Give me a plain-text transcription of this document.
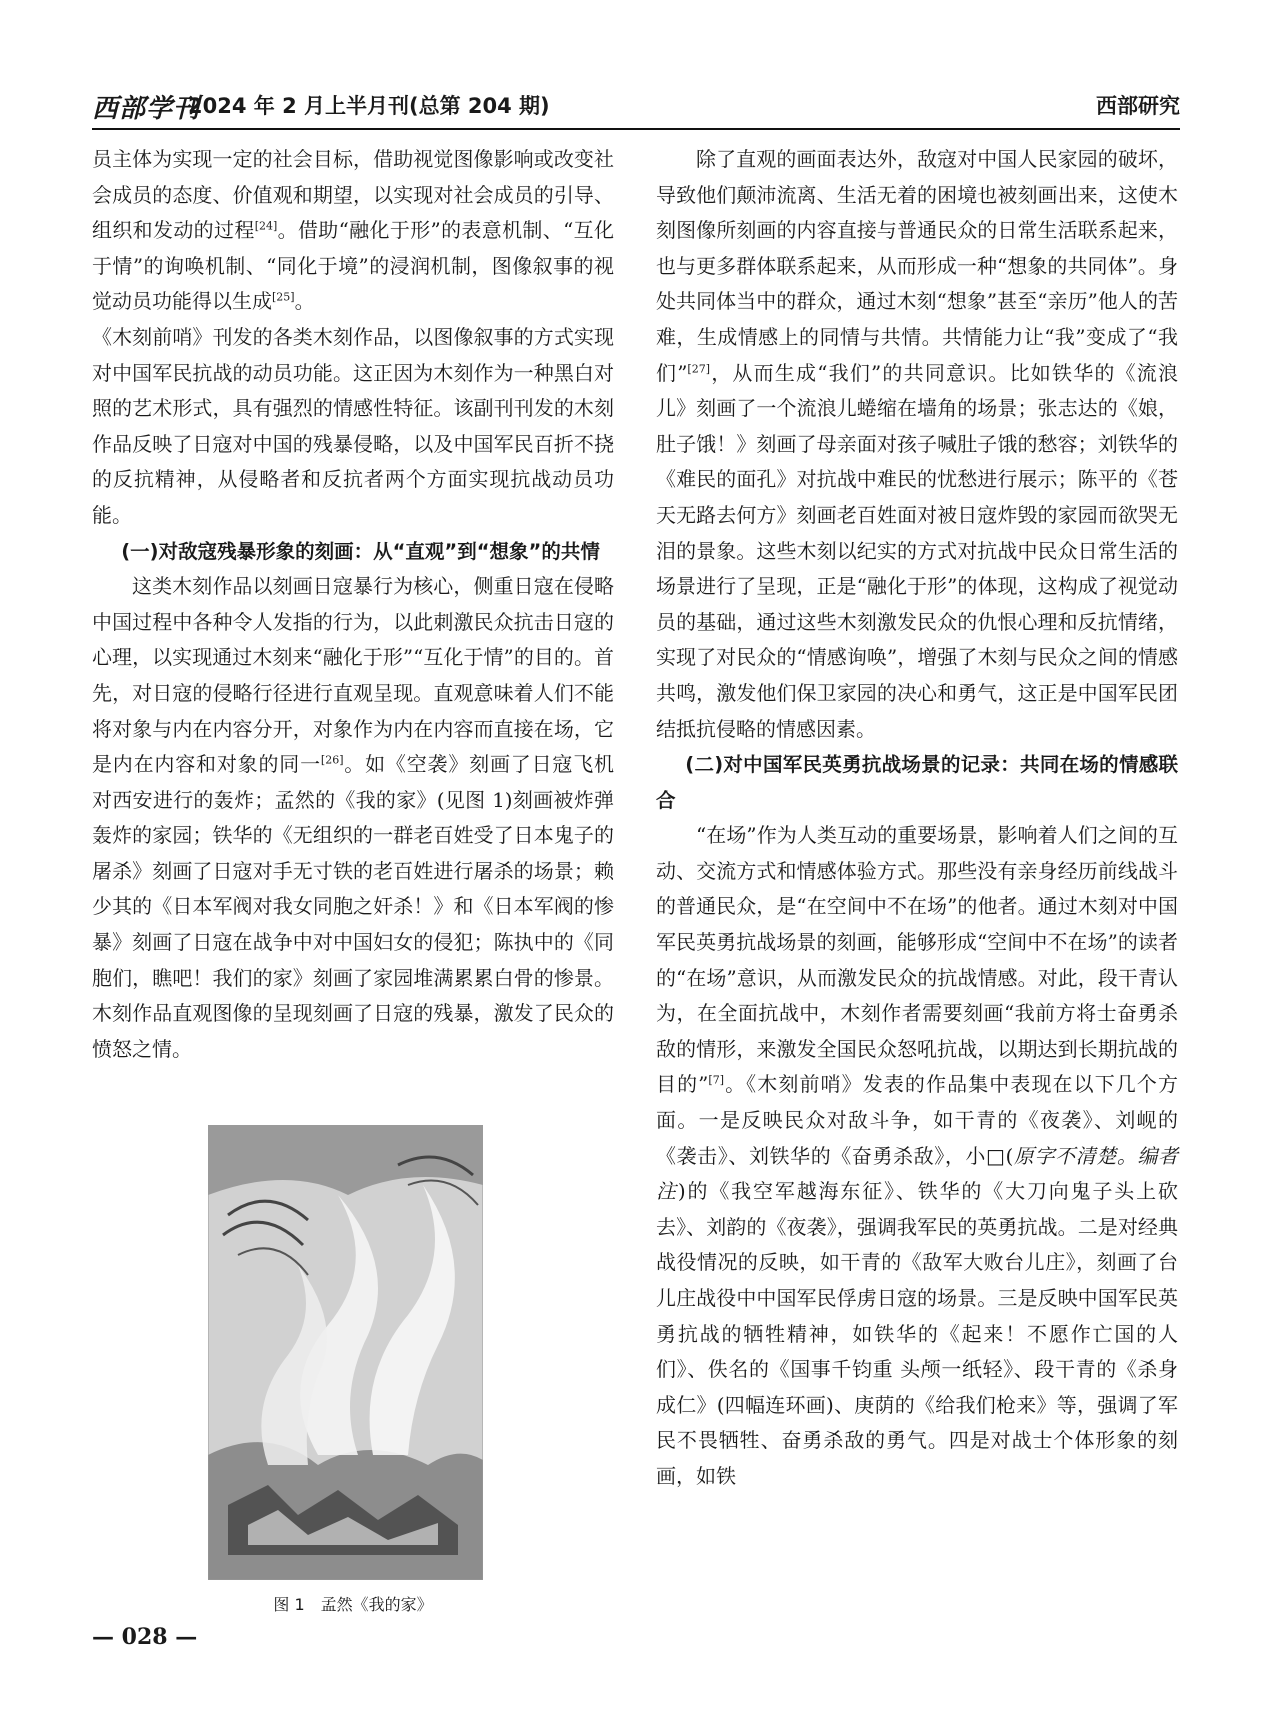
西部学刊
2024 年 2 月上半月刊(总第 204 期)	西部研究

员主体为实现一定的社会目标，借助视觉图像影响或改变社会成员的态度、价值观和期望，以实现对社会成员的引导、组织和发动的过程[24]。借助“融化于形”的表意机制、“互化于情”的询唤机制、“同化于境”的浸润机制，图像叙事的视觉动员功能得以生成[25]。

《木刻前哨》刊发的各类木刻作品，以图像叙事的方式实现对中国军民抗战的动员功能。这正因为木刻作为一种黑白对照的艺术形式，具有强烈的情感性特征。该副刊刊发的木刻作品反映了日寇对中国的残暴侵略，以及中国军民百折不挠的反抗精神，从侵略者和反抗者两个方面实现抗战动员功能。

(一)对敌寇残暴形象的刻画：从“直观”到“想象”的共情

这类木刻作品以刻画日寇暴行为核心，侧重日寇在侵略中国过程中各种令人发指的行为，以此刺激民众抗击日寇的心理，以实现通过木刻来“融化于形”“互化于情”的目的。首先，对日寇的侵略行径进行直观呈现。直观意味着人们不能将对象与内在内容分开，对象作为内在内容而直接在场，它是内在内容和对象的同一[26]。如《空袭》刻画了日寇飞机对西安进行的轰炸；孟然的《我的家》(见图 1)刻画被炸弹轰炸的家园；铁华的《无组织的一群老百姓受了日本鬼子的屠杀》刻画了日寇对手无寸铁的老百姓进行屠杀的场景；赖少其的《日本军阀对我女同胞之奸杀！》和《日本军阀的惨暴》刻画了日寇在战争中对中国妇女的侵犯；陈执中的《同胞们，瞧吧！我们的家》刻画了家园堆满累累白骨的惨景。木刻作品直观图像的呈现刻画了日寇的残暴，激发了民众的愤怒之情。

图 1　孟然《我的家》

除了直观的画面表达外，敌寇对中国人民家园的破坏，导致他们颠沛流离、生活无着的困境也被刻画出来，这使木刻图像所刻画的内容直接与普通民众的日常生活联系起来，也与更多群体联系起来，从而形成一种“想象的共同体”。身处共同体当中的群众，通过木刻“想象”甚至“亲历”他人的苦难，生成情感上的同情与共情。共情能力让“我”变成了“我们”[27]，从而生成“我们”的共同意识。比如铁华的《流浪儿》刻画了一个流浪儿蜷缩在墙角的场景；张志达的《娘，肚子饿！》刻画了母亲面对孩子喊肚子饿的愁容；刘铁华的《难民的面孔》对抗战中难民的忧愁进行展示；陈平的《苍天无路去何方》刻画老百姓面对被日寇炸毁的家园而欲哭无泪的景象。这些木刻以纪实的方式对抗战中民众日常生活的场景进行了呈现，正是“融化于形”的体现，这构成了视觉动员的基础，通过这些木刻激发民众的仇恨心理和反抗情绪，实现了对民众的“情感询唤”，增强了木刻与民众之间的情感共鸣，激发他们保卫家园的决心和勇气，这正是中国军民团结抵抗侵略的情感因素。

(二)对中国军民英勇抗战场景的记录：共同在场的情感联合

“在场”作为人类互动的重要场景，影响着人们之间的互动、交流方式和情感体验方式。那些没有亲身经历前线战斗的普通民众，是“在空间中不在场”的他者。通过木刻对中国军民英勇抗战场景的刻画，能够形成“空间中不在场”的读者的“在场”意识，从而激发民众的抗战情感。对此，段干青认为，在全面抗战中，木刻作者需要刻画“我前方将士奋勇杀敌的情形，来激发全国民众怒吼抗战，以期达到长期抗战的目的”[7]。《木刻前哨》发表的作品集中表现在以下几个方面。一是反映民众对敌斗争，如干青的《夜袭》、刘岘的《袭击》、刘铁华的《奋勇杀敌》，小□(原字不清楚。编者注)的《我空军越海东征》、铁华的《大刀向鬼子头上砍去》、刘韵的《夜袭》，强调我军民的英勇抗战。二是对经典战役情况的反映，如干青的《敌军大败台儿庄》，刻画了台儿庄战役中中国军民俘虏日寇的场景。三是反映中国军民英勇抗战的牺牲精神，如铁华的《起来！不愿作亡国的人们》、佚名的《国事千钧重 头颅一纸轻》、段干青的《杀身成仁》(四幅连环画)、庚荫的《给我们枪来》等，强调了军民不畏牺牲、奋勇杀敌的勇气。四是对战士个体形象的刻画，如铁

— 028 —
